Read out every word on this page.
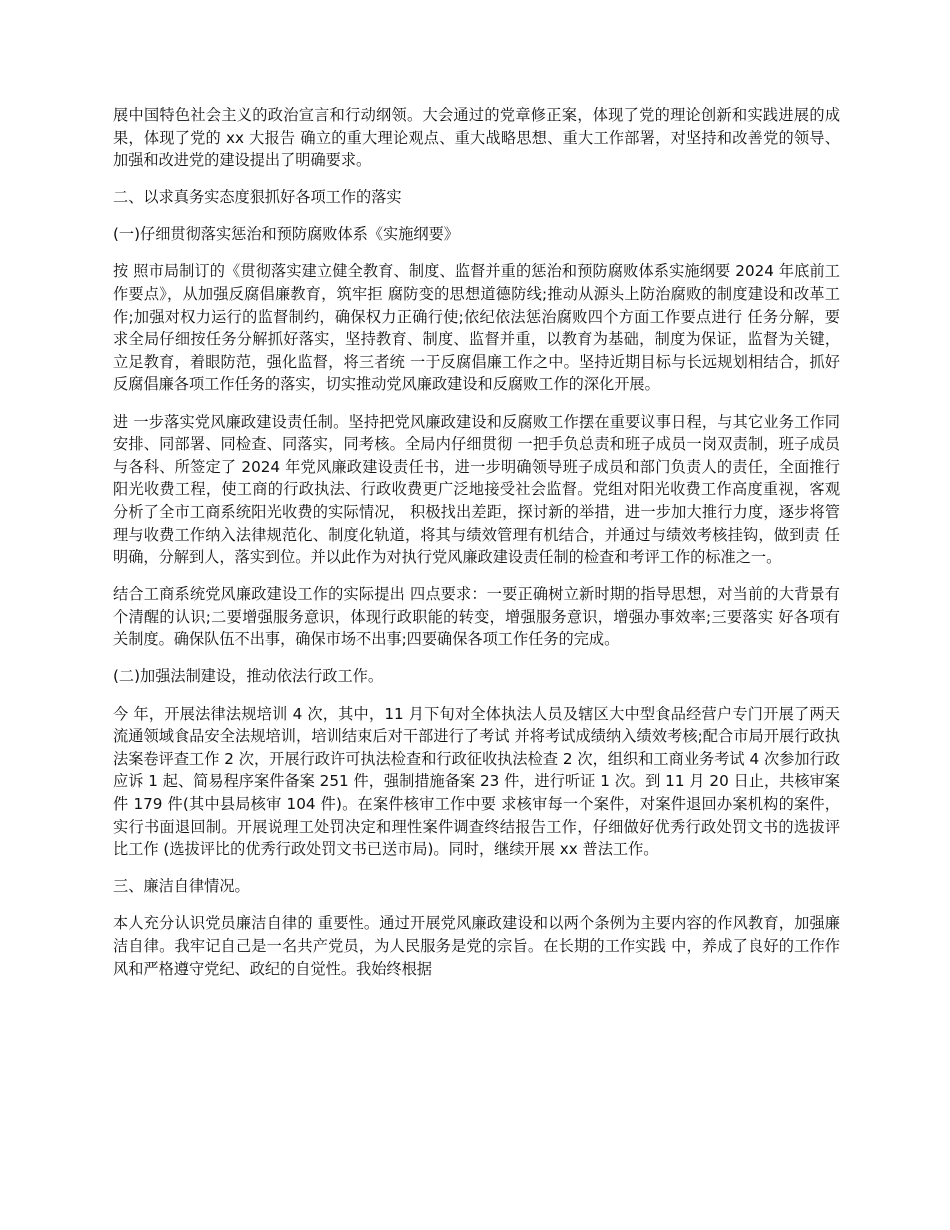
展中国特色社会主义的政治宣言和行动纲领。大会通过的党章修正案，体现了党的理论创新和实践进展的成果，体现了党的 xx 大报告 确立的重大理论观点、重大战略思想、重大工作部署，对坚持和改善党的领导、加强和改进党的建设提出了明确要求。

二、以求真务实态度狠抓好各项工作的落实

(一)仔细贯彻落实惩治和预防腐败体系《实施纲要》

按 照市局制订的《贯彻落实建立健全教育、制度、监督并重的惩治和预防腐败体系实施纲要 2024 年底前工作要点》，从加强反腐倡廉教育，筑牢拒 腐防变的思想道德防线;推动从源头上防治腐败的制度建设和改革工作;加强对权力运行的监督制约，确保权力正确行使;依纪依法惩治腐败四个方面工作要点进行 任务分解，要求全局仔细按任务分解抓好落实，坚持教育、制度、监督并重，以教育为基础，制度为保证，监督为关键，立足教育，着眼防范，强化监督，将三者统 一于反腐倡廉工作之中。坚持近期目标与长远规划相结合，抓好反腐倡廉各项工作任务的落实，切实推动党风廉政建设和反腐败工作的深化开展。

进 一步落实党风廉政建设责任制。坚持把党风廉政建设和反腐败工作摆在重要议事日程，与其它业务工作同安排、同部署、同检查、同落实，同考核。全局内仔细贯彻 一把手负总责和班子成员一岗双责制，班子成员与各科、所签定了 2024 年党风廉政建设责任书，进一步明确领导班子成员和部门负责人的责任，全面推行 阳光收费工程，使工商的行政执法、行政收费更广泛地接受社会监督。党组对阳光收费工作高度重视，客观分析了全市工商系统阳光收费的实际情况， 积极找出差距，探讨新的举措，进一步加大推行力度，逐步将管理与收费工作纳入法律规范化、制度化轨道，将其与绩效管理有机结合，并通过与绩效考核挂钩，做到责 任明确，分解到人，落实到位。并以此作为对执行党风廉政建设责任制的检查和考评工作的标准之一。

结合工商系统党风廉政建设工作的实际提出 四点要求：一要正确树立新时期的指导思想，对当前的大背景有个清醒的认识;二要增强服务意识，体现行政职能的转变，增强服务意识，增强办事效率;三要落实 好各项有关制度。确保队伍不出事，确保市场不出事;四要确保各项工作任务的完成。

(二)加强法制建设，推动依法行政工作。

今 年，开展法律法规培训 4 次，其中，11 月下旬对全体执法人员及辖区大中型食品经营户专门开展了两天流通领域食品安全法规培训，培训结束后对干部进行了考试 并将考试成绩纳入绩效考核;配合市局开展行政执法案卷评查工作 2 次，开展行政许可执法检查和行政征收执法检查 2 次，组织和工商业务考试 4 次参加行政应诉 1 起、简易程序案件备案 251 件，强制措施备案 23 件，进行听证 1 次。到 11 月 20 日止，共核审案件 179 件(其中县局核审 104 件)。在案件核审工作中要 求核审每一个案件，对案件退回办案机构的案件，实行书面退回制。开展说理工处罚决定和理性案件调查终结报告工作，仔细做好优秀行政处罚文书的选拔评比工作 (选拔评比的优秀行政处罚文书已送市局)。同时，继续开展 xx 普法工作。

三、廉洁自律情况。

本人充分认识党员廉洁自律的 重要性。通过开展党风廉政建设和以两个条例为主要内容的作风教育，加强廉洁自律。我牢记自己是一名共产党员，为人民服务是党的宗旨。在长期的工作实践 中，养成了良好的工作作风和严格遵守党纪、政纪的自觉性。我始终根据
